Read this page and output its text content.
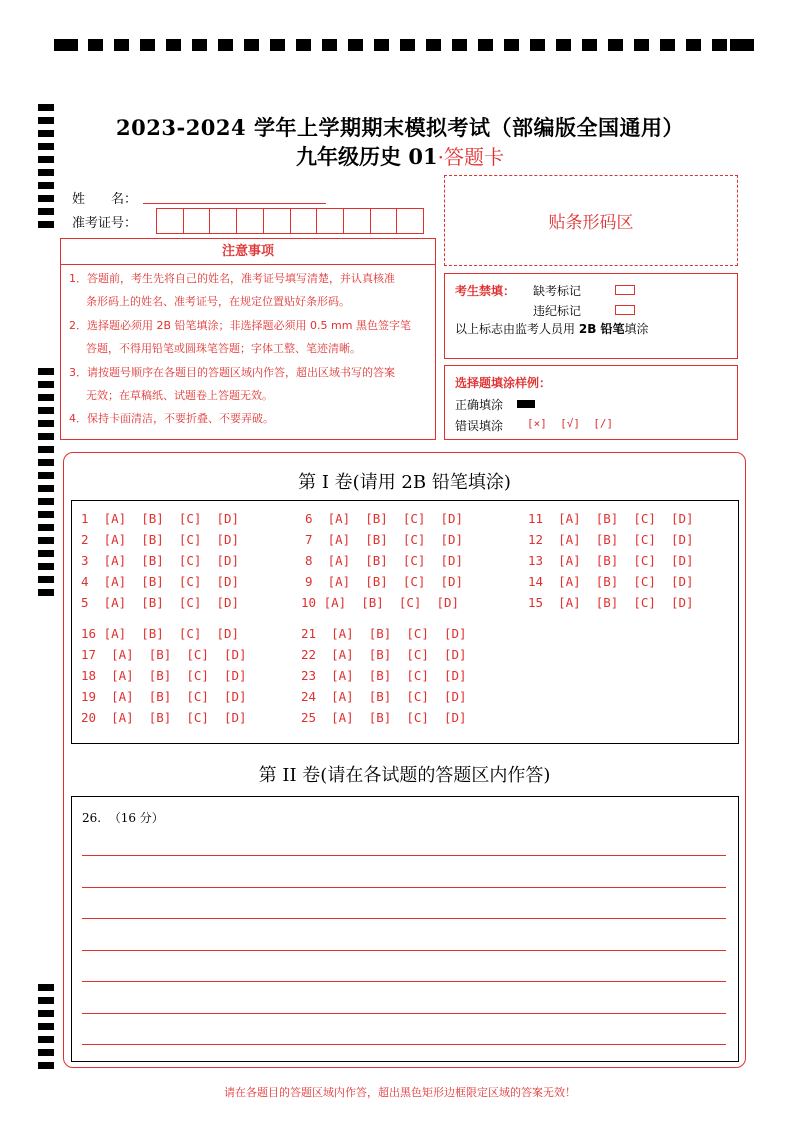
2023-2024 学年上学期期末模拟考试（部编版全国通用）
九年级历史 01·答题卡
姓　　名：
准考证号：	贴条形码区
注意事项
1．答题前，考生先将自己的姓名，准考证号填写清楚，并认真核准
条形码上的姓名、准考证号，在规定位置贴好条形码。
2．选择题必须用 2B 铅笔填涂；非选择题必须用 0.5 mm 黑色签字笔
答题，不得用铅笔或圆珠笔答题；字体工整、笔迹清晰。
3．请按题号顺序在各题目的答题区域内作答，超出区域书写的答案
无效；在草稿纸、试题卷上答题无效。
4．保持卡面清洁，不要折叠、不要弄破。
考生禁填： 缺考标记
违纪标记
以上标志由监考人员用 2B 铅笔填涂
选择题填涂样例：
正确填涂
错误填涂 [×]  [√]  [/]
第 I 卷(请用 2B 铅笔填涂)
1  [A]  [B]  [C]  [D]
2  [A]  [B]  [C]  [D]
3  [A]  [B]  [C]  [D]
4  [A]  [B]  [C]  [D]
5  [A]  [B]  [C]  [D]
6  [A]  [B]  [C]  [D]
7  [A]  [B]  [C]  [D]
8  [A]  [B]  [C]  [D]
9  [A]  [B]  [C]  [D]
10 [A]  [B]  [C]  [D]
11  [A]  [B]  [C]  [D]
12  [A]  [B]  [C]  [D]
13  [A]  [B]  [C]  [D]
14  [A]  [B]  [C]  [D]
15  [A]  [B]  [C]  [D]
16 [A]  [B]  [C]  [D]
17  [A]  [B]  [C]  [D]
18  [A]  [B]  [C]  [D]
19  [A]  [B]  [C]  [D]
20  [A]  [B]  [C]  [D]
21  [A]  [B]  [C]  [D]
22  [A]  [B]  [C]  [D]
23  [A]  [B]  [C]  [D]
24  [A]  [B]  [C]  [D]
25  [A]  [B]  [C]  [D]
第 II 卷(请在各试题的答题区内作答)
26.  （16 分）
请在各题目的答题区域内作答，超出黑色矩形边框限定区域的答案无效！
